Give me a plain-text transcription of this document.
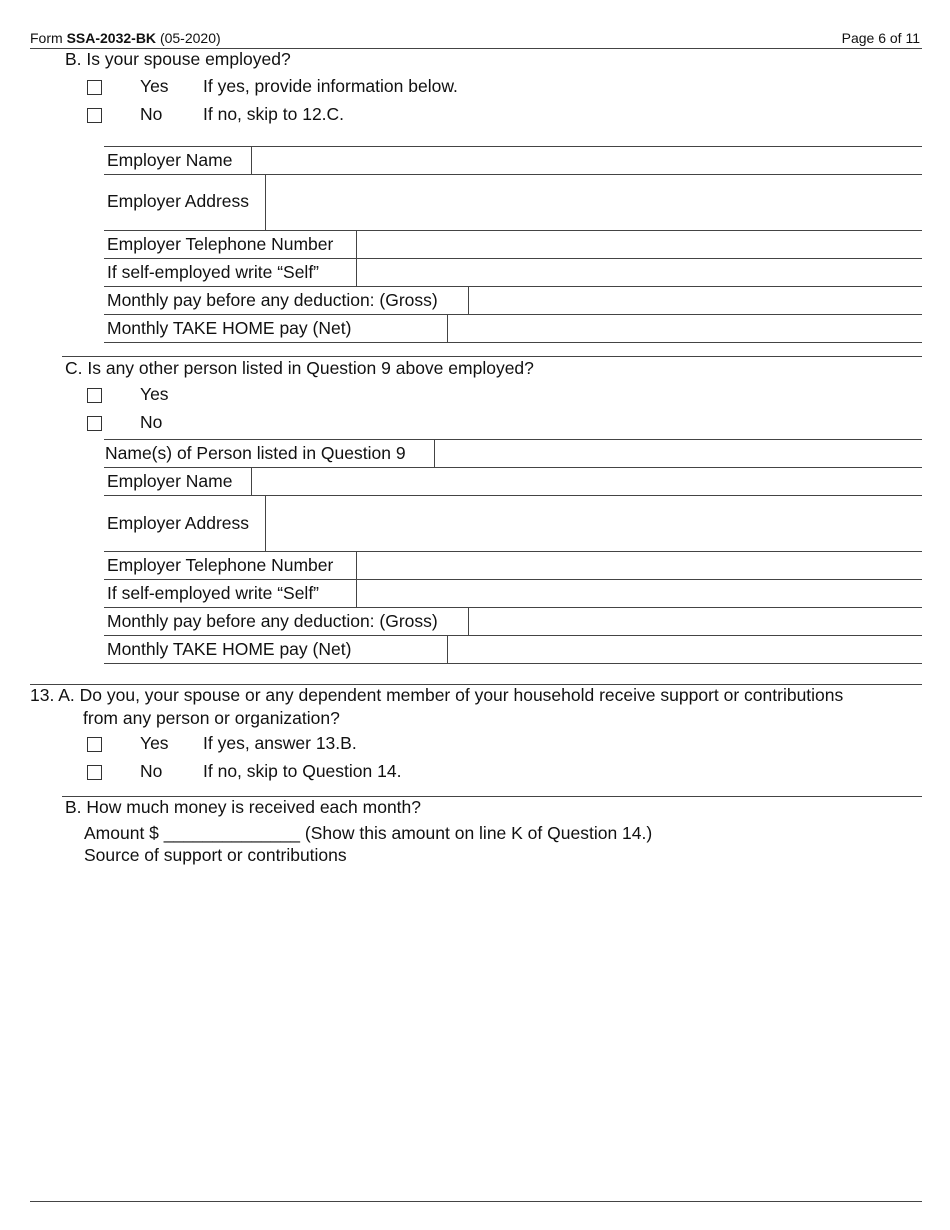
Form SSA-2032-BK (05-2020)	Page 6 of 11
B. Is your spouse employed?
Yes If yes, provide information below.
No If no, skip to 12.C.
Employer Name
Employer Address
Employer Telephone Number
If self-employed write “Self”
Monthly pay before any deduction: (Gross)
Monthly TAKE HOME pay (Net)
C. Is any other person listed in Question 9 above employed?
Yes
No
Name(s) of Person listed in Question 9
Employer Name
Employer Address
Employer Telephone Number
If self-employed write “Self”
Monthly pay before any deduction: (Gross)
Monthly TAKE HOME pay (Net)
13. A. Do you, your spouse or any dependent member of your household receive support or contributions
from any person or organization?
Yes If yes, answer 13.B.
No If no, skip to Question 14.
B. How much money is received each month?
Amount $ ______________ (Show this amount on line K of Question 14.)
Source of support or contributions
